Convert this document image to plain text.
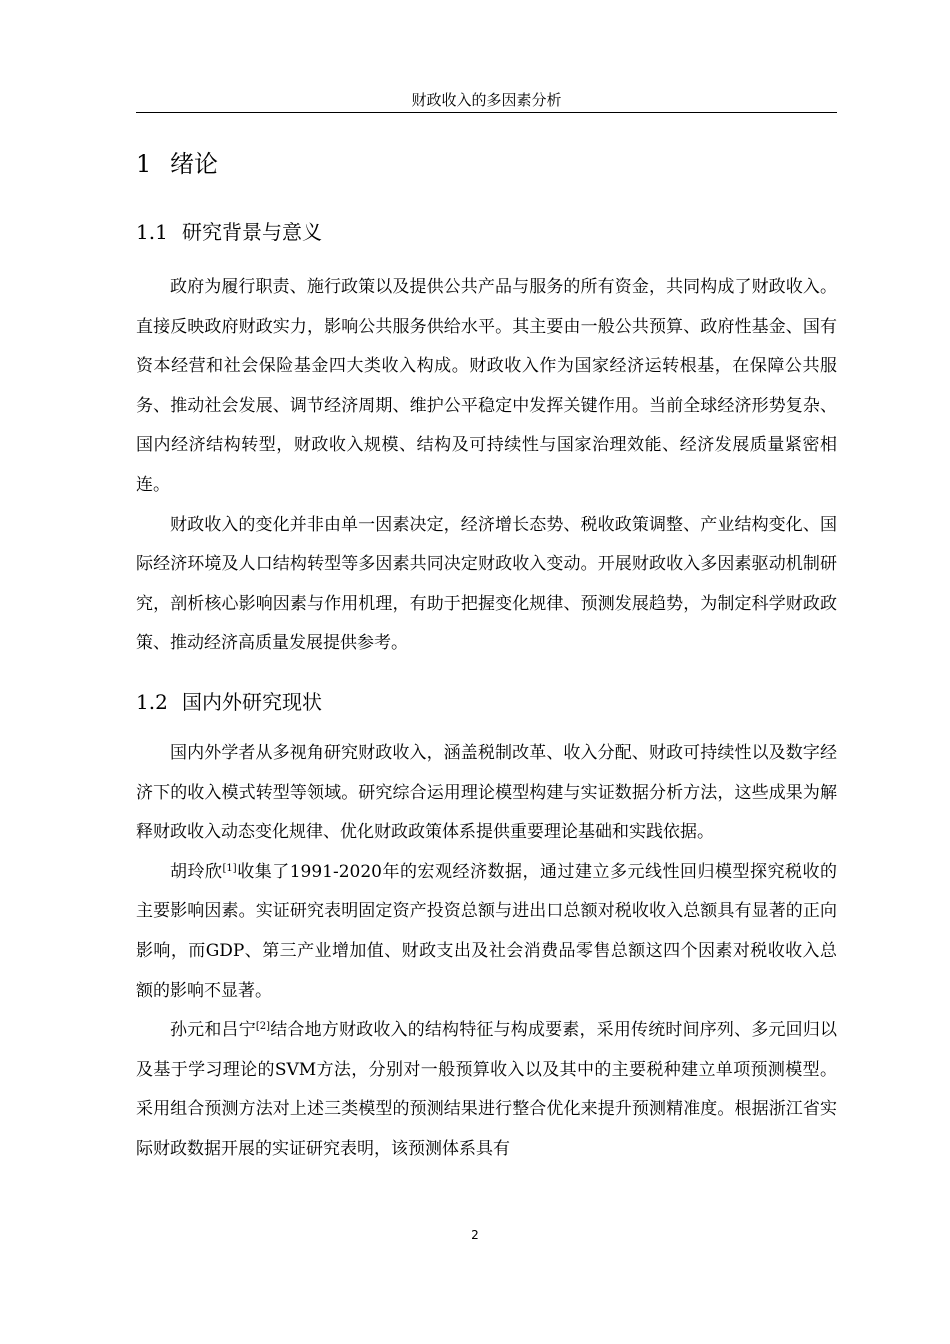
财政收入的多因素分析
1 绪论
1.1 研究背景与意义

政府为履行职责、施行政策以及提供公共产品与服务的所有资金，共同构成了财政收入。直接反映政府财政实力，影响公共服务供给水平。其主要由一般公共预算、政府性基金、国有资本经营和社会保险基金四大类收入构成。财政收入作为国家经济运转根基，在保障公共服务、推动社会发展、调节经济周期、维护公平稳定中发挥关键作用。当前全球经济形势复杂、国内经济结构转型，财政收入规模、结构及可持续性与国家治理效能、经济发展质量紧密相连。

财政收入的变化并非由单一因素决定，经济增长态势、税收政策调整、产业结构变化、国际经济环境及人口结构转型等多因素共同决定财政收入变动。开展财政收入多因素驱动机制研究，剖析核心影响因素与作用机理，有助于把握变化规律、预测发展趋势，为制定科学财政政策、推动经济高质量发展提供参考。

1.2 国内外研究现状

国内外学者从多视角研究财政收入，涵盖税制改革、收入分配、财政可持续性以及数字经济下的收入模式转型等领域。研究综合运用理论模型构建与实证数据分析方法，这些成果为解释财政收入动态变化规律、优化财政政策体系提供重要理论基础和实践依据。

胡玲欣[1]收集了1991-2020年的宏观经济数据，通过建立多元线性回归模型探究税收的主要影响因素。实证研究表明固定资产投资总额与进出口总额对税收收入总额具有显著的正向影响，而GDP、第三产业增加值、财政支出及社会消费品零售总额这四个因素对税收收入总额的影响不显著。

孙元和吕宁[2]结合地方财政收入的结构特征与构成要素，采用传统时间序列、多元回归以及基于学习理论的SVM方法，分别对一般预算收入以及其中的主要税种建立单项预测模型。采用组合预测方法对上述三类模型的预测结果进行整合优化来提升预测精准度。根据浙江省实际财政数据开展的实证研究表明，该预测体系具有

2
